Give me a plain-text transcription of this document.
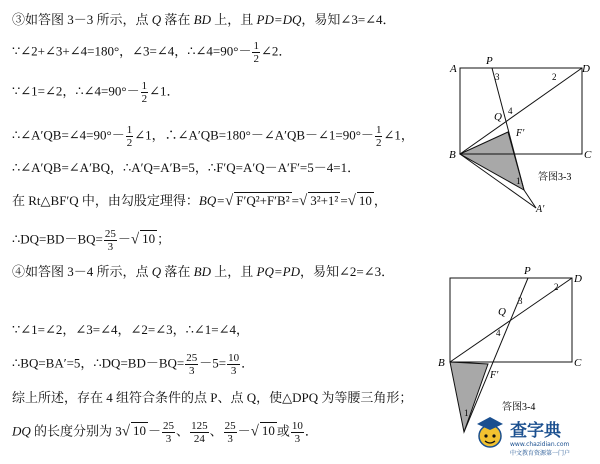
③如答图 3－3 所示，点 Q 落在 BD 上，且 PD=DQ，易知∠3=∠4．
∵∠2+∠3+∠4=180°，∠3=∠4，∴∠4=90°－ $\frac{1}{2}$ ∠2．
∵∠1=∠2，∴∠4=90°－ $\frac{1}{2}$ ∠1．
∴∠A′QB=∠4=90°－ $\frac{1}{2}$ ∠1，∴∠A′QB=180°－∠A′QB－∠1=90°－ $\frac{1}{2}$ ∠1，
∴∠A′QB=∠A′BQ，∴A′Q=A′B=5，∴F′Q=A′Q－A′F′=5－4=1．
在 Rt△BF′Q 中，由勾股定理得：BQ=√ F′Q²+F′B² =√ 3²+1² =√ 10 ，
∴DQ=BD－BQ= $\frac{25}{3}$ －√ 10 ；
④如答图 3－4 所示，点 Q 落在 BD 上，且 PQ=PD，易知∠2=∠3．
∵∠1=∠2，∠3=∠4，∠2=∠3，∴∠1=∠4，
∴BQ=BA′=5，∴DQ=BD－BQ= $\frac{25}{3} -5= \frac{10}{3}$ ．
综上所述，存在 4 组符合条件的点 P、点 Q，使△DPQ 为等腰三角形；
DQ 的长度分别为 3√ $10 - \frac{25}{3}$ 、 $\frac{125}{24}$ 、 $\frac{25}{3}$ －√ 10 或 $\frac{10}{3}$ ．
A
P
D
Q
F′
B	C
A′
1
2
3
4
答图3-3
P
D
Q
B	C
F′
1
2
3
4
答图3-4
查字典
www.chazidian.com
中文教育资源第一门户
